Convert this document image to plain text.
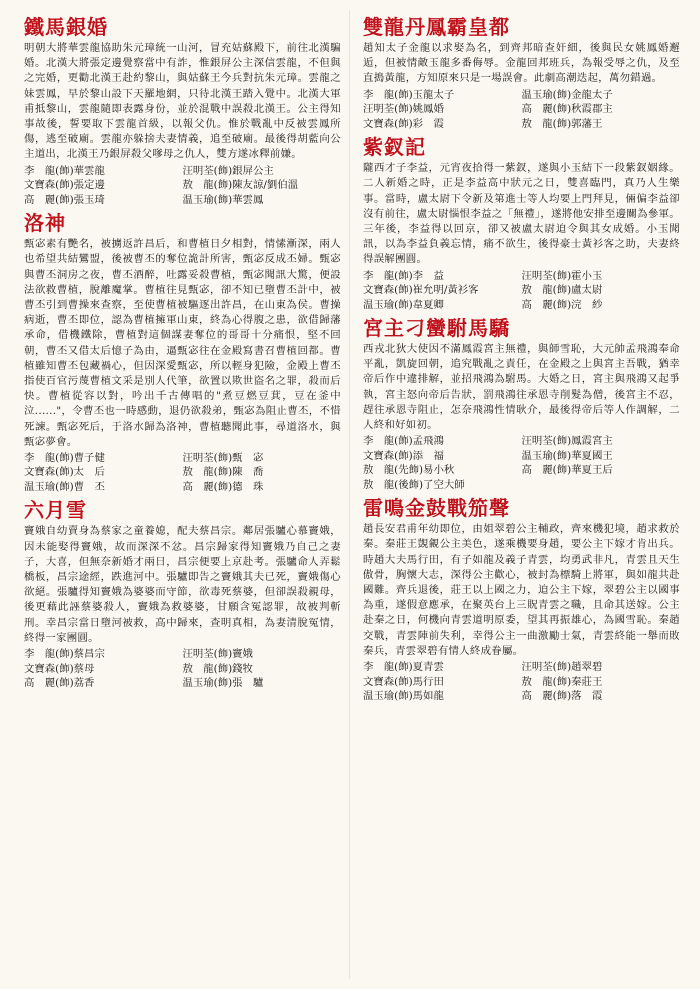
鐵馬銀婚

明朝大將華雲龍協助朱元璋統一山河，冒充姑蘇殿下，前往北漢騙婚。北漢大將張定邊覺察當中有詐，惟銀屏公主深信雲龍，不但與之完婚，更勸北漢王赴約黎山，與姑蘇王今兵對抗朱元璋。雲龍之妹雲鳳，早於黎山設下天羅地網，只待北漢王踏入覺中。北漢大軍甫抵黎山，雲龍隨即表露身份，並於混戰中誤殺北漢王。公主得知事故後，誓要取下雲龍首級，以報父仇。惟於戰亂中反被雲鳳所傷，逃至破廟。雲龍亦躲捨夫妻情義，追至破廟。最後得胡藍向公主道出，北漢王乃銀屏殺父嗲母之仇人，雙方遂冰釋前嫌。

李　龍(飾)華雲龍	汪明荃(飾)銀屏公主
文寶森(飾)張定邊	敖　龍(飾)陳友諒/劉伯溫
高　麗(飾)張玉琦	温玉瑜(飾)華雲鳳
洛神

甄宓素有艷名，被擄返許昌后，和曹植日夕相對，情愫漸深，兩人也希望共結鸞盟，後被曹丕的奪位詭計所害，甄宓反成丕婦。甄宓與曹丕洞房之夜，曹丕酒醉，吐露妥殺曹植，甄宓聞訊大驚，便設法欲救曹植，脫離魔掌。曹植往見甄宓，卻不知已墮曹丕計中，被曹丕引到曹操來查察，至使曹植被驅逐出許昌，在山東為侯。曹操病逝，曹丕即位，認為曹植擁軍山東，終為心得腹之患，欲借歸藩承命，借機鐵除，曹植對這個謀妻奪位的哥哥十分痛恨，堅不回朝，曹丕又借太后憶子為由，逼甄宓往在金殿寫書召曹植回都。曹植雖知曹丕包藏禍心，但因深愛甄宓，所以輕身犯險，金殿上曹丕指使百官污蔑曹植文采是別人代筆，欲置以欺世盜名之罪，殺而后快。曹植從容以對，吟出千古傳唱的"煮豆燃豆萁，豆在釜中泣......"，令曹丕也一時感動，退仍欲殺弟，甄宓為阻止曹丕，不惜死諫。甄宓死后，于洛水歸為洛神，曹植聽聞此事，尋道洛水，與甄宓夢會。

李　龍(飾)曹子健	汪明荃(飾)甄　宓
文寶森(飾)太　后	敖　龍(飾)陳　喬
温玉瑜(飾)曹　丕	高　麗(飾)德　珠
六月雪

竇娥自幼賣身為蔡家之童養媳，配夫蔡昌宗。鄰居張驢心慕竇娥，因未能娶得竇娥，故而深深不忿。昌宗歸家得知竇娥乃自己之妻子，大喜，但無奈新婚才兩日，昌宗便要上京赴考。張驢命人弄鬆橋板，昌宗途經，跌進河中。張驢即告之竇娥其夫已死，竇娥傷心欲絕。張驢得知竇娥為婆婆而守節，欲毒死蔡婆，但卻誤殺親母，後更藉此誣蔡婆殺人，竇娥為救婆婆，甘願含冤認罪，故被判斬刑。幸昌宗當日墮河被救，高中歸來，查明真相，為妻清脫冤情，終得一家團圓。

李　龍(飾)蔡昌宗	汪明荃(飾)竇娥
文寶森(飾)蔡母	敖　龍(飾)錢牧
高　麗(飾)荔香	温玉瑜(飾)張　驢
雙龍丹鳳霸皇都

趙知太子金龍以求娶為名，到齊邦暗查奸細，後與民女姚鳳婚邂逅，但被情敵玉龍多番侮辱。金龍回邦班兵，為報受辱之仇，及至直搗黃龍，方知原來只是一場誤會。此劇高潮迭起，萬勿錯過。

李　龍(飾)玉龍太子	温玉瑜(飾)金龍太子
汪明荃(飾)姚鳳婚	高　麗(飾)秋霞郡主
文寶森(飾)彩　霞	敖　龍(飾)郭藩王
紫釵記

隴西才子李益，元宵夜拾得一紫釵，遂與小玉結下一段紫釵姻緣。二人新婚之時，正是李益高中狀元之日，雙喜臨門，真乃人生樂事。當時，盧太尉下令新及第進士等人均要上門拜見，倆偏李益卻沒有前往，盧太尉惱恨李益之「無禮」，遂將他安排至邊關為參軍。三年後，李益得以回京，卻又被盧太尉迫令與其女成婚。小玉聞訊，以為李益負義忘情，痛不欲生，後得豪士黃衫客之助，夫妻終得誤解團圓。

李　龍(飾)李　益	汪明荃(飾)霍小玉
文寶森(飾)崔允明/黃衫客	敖　龍(飾)盧太尉
温玉瑜(飾)韋夏卿	高　麗(飾)浣　紗
宮主刁蠻駙馬驕

西戎北狄大使因不滿鳳霞宮主無禮，與師雪恥，大元帥孟飛鴻奉命平亂，凱旋回朝，追究戰亂之責任，在金殿之上與宮主吾戰，猶幸帝后作中違排解，並招飛鴻為駙馬。大婚之日，宮主與飛鴻又起爭執，宮主怒向帝后告狀，罰飛鴻往承恩寺削髮為僧，後宮主不忍，趕往承恩寺阻止，怎奈飛鴻性情耿介，最後得帝后等人作調解，二人終和好如初。

李　龍(飾)孟飛鴻	汪明荃(飾)鳳霞宮主
文寶森(飾)添　福	温玉瑜(飾)華夏國王
敖　龍(先飾)易小秋	高　麗(飾)華夏王后
敖　龍(後飾)了空大師	
雷鳴金鼓戰笳聲

趙長安君甫年幼即位，由姐翠碧公主輔政，齊來機犯境，趙求救於秦。秦莊王覬覦公主美色，遂乘機要身趙，要公主下嫁才肯出兵。時趙大夫馬行田，有子如龍及義子青雲，均勇武非凡，青雲且天生傲骨，胸懷大志，深得公主歡心，被封為標騎上將軍，與如龍共赴國難。齊兵退後，莊王以上國之力，迫公主下嫁，翠碧公主以國事為重，遂假意應承，在聚英台上三貺青雲之職，且命其送嫁。公主赴秦之日，何機向青雲道明原委，望其再振雄心，為國雪恥。秦趙交戰，青雲陣前失利，幸得公主一曲激勵士氣，青雲終能一舉而敗秦兵，青雲翠碧有情人終成眷屬。

李　龍(飾)夏青雲	汪明荃(飾)趙翠碧
文寶森(飾)馬行田	敖　龍(飾)秦莊王
温玉瑜(飾)馬如龍	高　麗(飾)落　霞
